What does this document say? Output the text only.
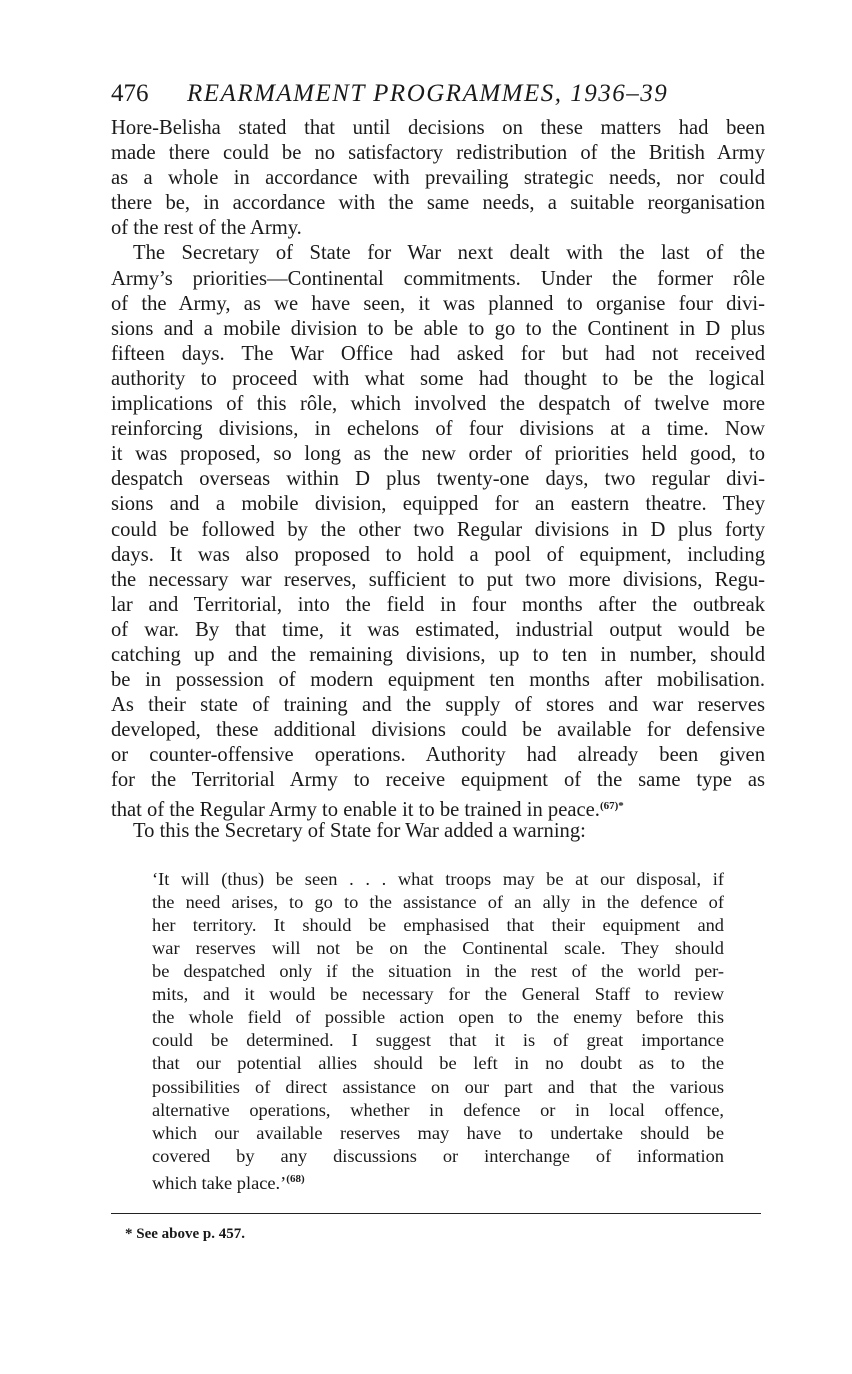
476	REARMAMENT PROGRAMMES, 1936–39
Hore-Belisha stated that until decisions on these matters had been
made there could be no satisfactory redistribution of the British Army
as a whole in accordance with prevailing strategic needs, nor could
there be, in accordance with the same needs, a suitable reorganisation
of the rest of the Army.
The Secretary of State for War next dealt with the last of the
Army’s priorities—Continental commitments. Under the former rôle
of the Army, as we have seen, it was planned to organise four divi-
sions and a mobile division to be able to go to the Continent in D plus
fifteen days. The War Office had asked for but had not received
authority to proceed with what some had thought to be the logical
implications of this rôle, which involved the despatch of twelve more
reinforcing divisions, in echelons of four divisions at a time. Now
it was proposed, so long as the new order of priorities held good, to
despatch overseas within D plus twenty-one days, two regular divi-
sions and a mobile division, equipped for an eastern theatre. They
could be followed by the other two Regular divisions in D plus forty
days. It was also proposed to hold a pool of equipment, including
the necessary war reserves, sufficient to put two more divisions, Regu-
lar and Territorial, into the field in four months after the outbreak
of war. By that time, it was estimated, industrial output would be
catching up and the remaining divisions, up to ten in number, should
be in possession of modern equipment ten months after mobilisation.
As their state of training and the supply of stores and war reserves
developed, these additional divisions could be available for defensive
or counter-offensive operations. Authority had already been given
for the Territorial Army to receive equipment of the same type as
that of the Regular Army to enable it to be trained in peace.$^{(67)*}$
To this the Secretary of State for War added a warning:
‘It will (thus) be seen . . . what troops may be at our disposal, if
the need arises, to go to the assistance of an ally in the defence of
her territory. It should be emphasised that their equipment and
war reserves will not be on the Continental scale. They should
be despatched only if the situation in the rest of the world per-
mits, and it would be necessary for the General Staff to review
the whole field of possible action open to the enemy before this
could be determined. I suggest that it is of great importance
that our potential allies should be left in no doubt as to the
possibilities of direct assistance on our part and that the various
alternative operations, whether in defence or in local offence,
which our available reserves may have to undertake should be
covered by any discussions or interchange of information
which take place.’$^{(68)}$
* See above p. 457.
